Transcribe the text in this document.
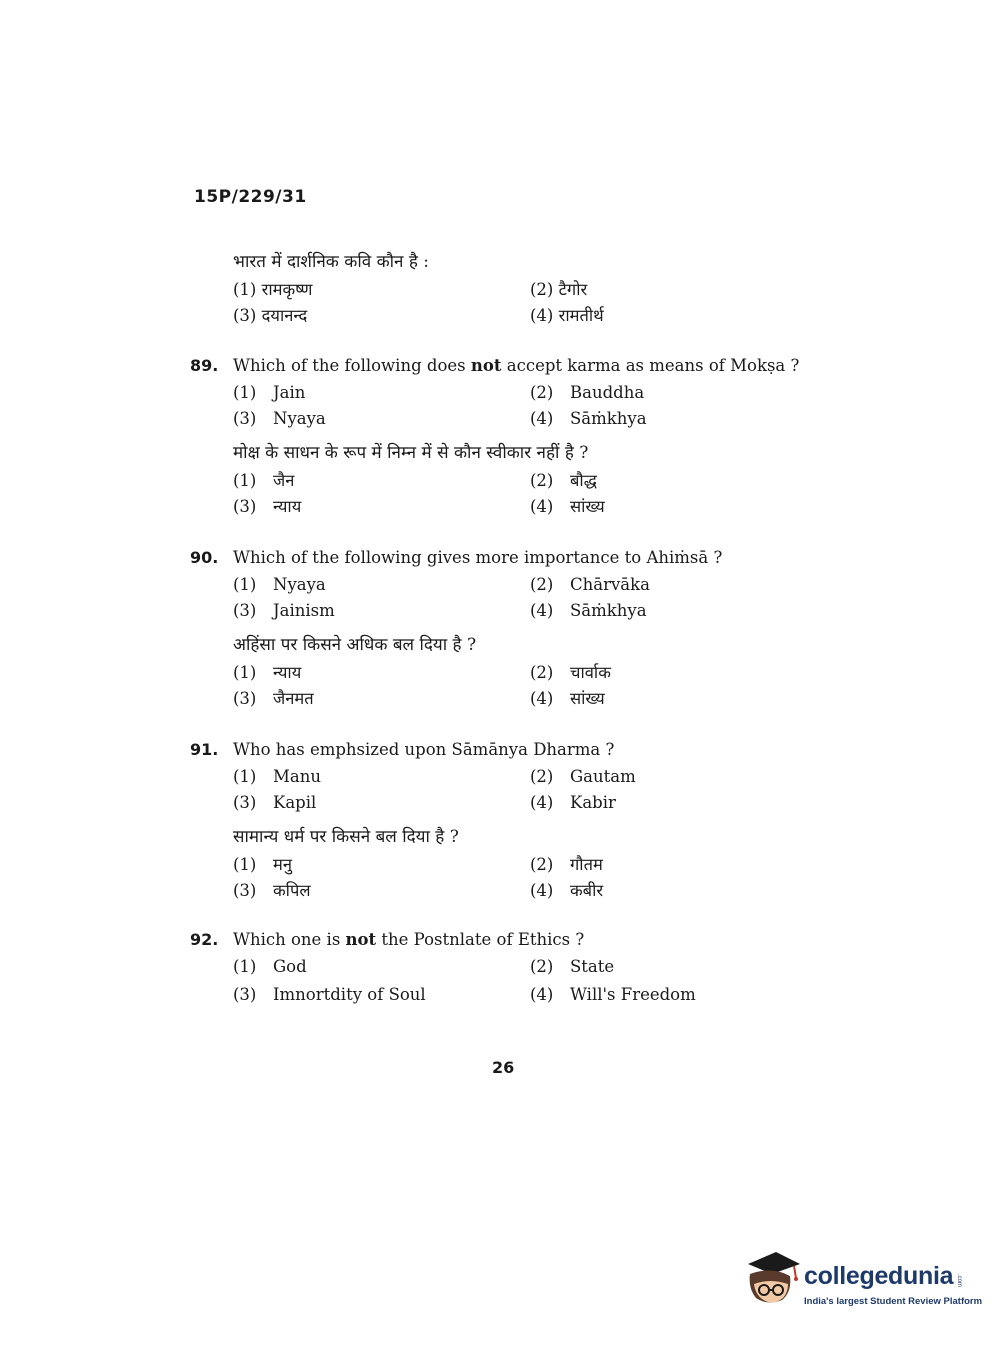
15P/229/31
भारत में दार्शनिक कवि कौन है :
(1) रामकृष्ण	(2) टैगोर
(3) दयानन्द	(4) रामतीर्थ
89. Which of the following does not accept karma as means of Mokṣa ?
(1) Jain	(2) Bauddha
(3) Nyaya	(4) Sāṁkhya
मोक्ष के साधन के रूप में निम्न में से कौन स्वीकार नहीं है ?
(1) जैन	(2) बौद्ध
(3) न्याय	(4) सांख्य
90. Which of the following gives more importance to Ahiṁsā ?
(1) Nyaya	(2) Chārvāka
(3) Jainism	(4) Sāṁkhya
अहिंसा पर किसने अधिक बल दिया है ?
(1) न्याय	(2) चार्वाक
(3) जैनमत	(4) सांख्य
91. Who has emphsized upon Sāmānya Dharma ?
(1) Manu	(2) Gautam
(3) Kapil	(4) Kabir
सामान्य धर्म पर किसने बल दिया है ?
(1) मनु	(2) गौतम
(3) कपिल	(4) कबीर
92. Which one is not the Postnlate of Ethics ?
(1) God	(2) State
(3) Imnortdity of Soul	(4) Will's Freedom
26
collegedunia .com
India's largest Student Review Platform
